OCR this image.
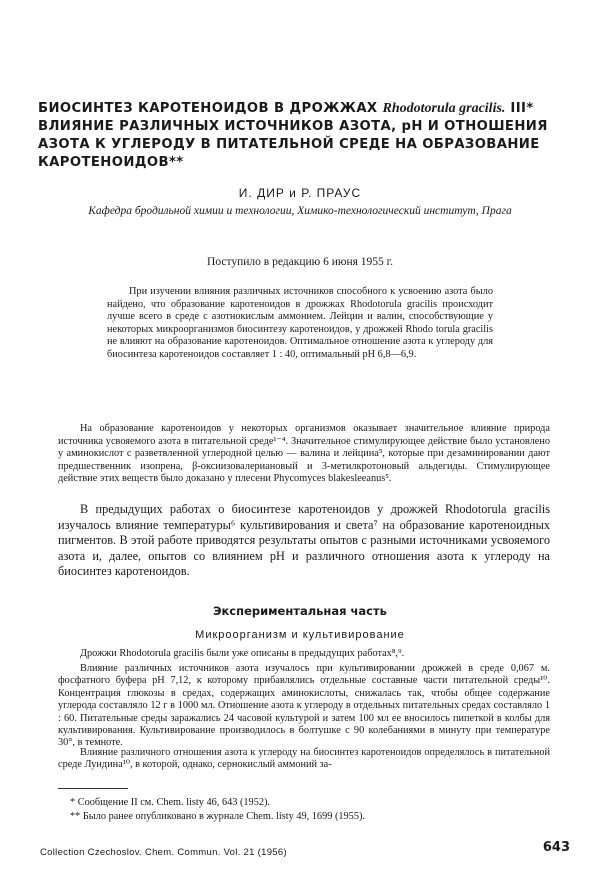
БИОСИНТЕЗ КАРОТЕНОИДОВ В ДРОЖЖАХ Rhodotorula gracilis. III* ВЛИЯНИЕ РАЗЛИЧНЫХ ИСТОЧНИКОВ АЗОТА, pH И ОТНОШЕНИЯ АЗОТА К УГЛЕРОДУ В ПИТАТЕЛЬНОЙ СРЕДЕ НА ОБРАЗОВАНИЕ КАРОТЕНОИДОВ**
И. ДИР и Р. ПРАУС
Кафедра бродильной химии и технологии, Химико-технологический институт, Прага
Поступило в редакцию 6 июня 1955 г.

При изучении влияния различных источников способного к усвоению азота было найдено, что образование каротеноидов в дрожжах Rhodotorula gracilis происходит лучше всего в среде с азотнокислым аммонием. Лейцин и валин, способствующие у некоторых микроорганизмов биосинтезу каротеноидов, у дрожжей Rhodo torula gracilis не влияют на образование каротеноидов. Оптимальное отношение азота к углероду для биосинтеза каротеноидов составляет 1 : 40, оптимальный pH 6,8—6,9.

На образование каротеноидов у некоторых организмов оказывает значительное влияние природа источника усвояемого азота в питательной среде¹⁻⁴. Значительное стимулирующее действие было установлено у аминокислот с разветвленной углеродной целью — валина и лейцина⁵, которые при дезаминировании дают предшественник изопрена, β-оксиизовалериановый и 3-метилкротоновый альдегиды. Стимулирующее действие этих веществ было доказано у плесени Phycomyces blakesleeanus⁵.

В предыдущих работах о биосинтезе каротеноидов у дрожжей Rhodotorula gracilis изучалось влияние температуры⁶ культивирования и света⁷ на образование каротеноидных пигментов. В этой работе приводятся результаты опытов с разными источниками усвояемого азота и, далее, опытов со влиянием pH и различного отношения азота к углероду на биосинтез каротеноидов.

Экспериментальная часть
Микроорганизм и культивирование

Дрожжи Rhodotorula gracilis были уже описаны в предыдущих работах⁸,⁹.

Влияние различных источников азота изучалось при культивировании дрожжей в среде 0,067 м. фосфатного буфера pH 7,12, к которому прибавлялись отдельные составные части питательной среды¹⁰. Концентрация глюкозы в средах, содержащих аминокислоты, снижалась так, чтобы общее содержание углерода составляло 12 г в 1000 мл. Отношение азота к углероду в отдельных питательных средах составляло 1 : 60. Питательные среды заражались 24 часовой культурой и затем 100 мл ее вносилось пипеткой в колбы для культивирования. Культивирование производилось в болтушке с 90 колебаниями в минуту при температуре 30°, в темноте.

Влияние различного отношения азота к углероду на биосинтез каротеноидов определялось в питательной среде Лундина¹⁰, в которой, однако, сернокислый аммоний за-

* Сообщение II см. Chem. listy 46, 643 (1952).

** Было ранее опубликовано в журнале Chem. listy 49, 1699 (1955).

Collection Czechoslov. Chem. Commun. Vol. 21 (1956)	643
